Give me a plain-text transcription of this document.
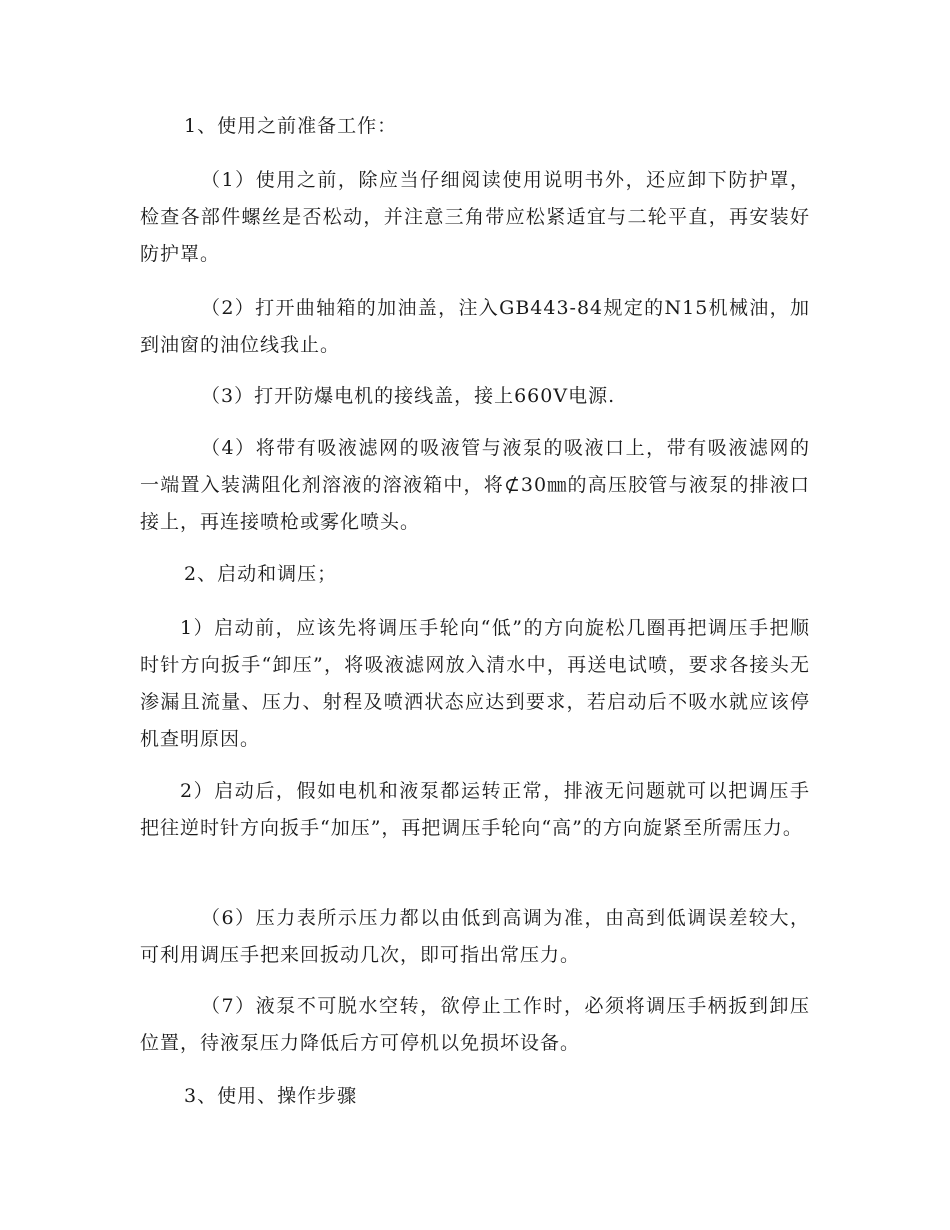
1、使用之前准备工作：

（1）使用之前，除应当仔细阅读使用说明书外，还应卸下防护罩，检查各部件螺丝是否松动，并注意三角带应松紧适宜与二轮平直，再安装好防护罩。

（2）打开曲轴箱的加油盖，注入GB443-84规定的N15机械油，加到油窗的油位线我止。

（3）打开防爆电机的接线盖，接上660V电源.

（4）将带有吸液滤网的吸液管与液泵的吸液口上，带有吸液滤网的一端置入装满阻化剂溶液的溶液箱中，将⊄30㎜的高压胶管与液泵的排液口接上，再连接喷枪或雾化喷头。

2、启动和调压；

1）启动前，应该先将调压手轮向“低”的方向旋松几圈再把调压手把顺时针方向扳手“卸压”，将吸液滤网放入清水中，再送电试喷，要求各接头无渗漏且流量、压力、射程及喷洒状态应达到要求，若启动后不吸水就应该停机查明原因。

2）启动后，假如电机和液泵都运转正常，排液无问题就可以把调压手把往逆时针方向扳手“加压”，再把调压手轮向“高”的方向旋紧至所需压力。

（6）压力表所示压力都以由低到高调为准，由高到低调误差较大，可利用调压手把来回扳动几次，即可指出常压力。

（7）液泵不可脱水空转，欲停止工作时，必须将调压手柄扳到卸压位置，待液泵压力降低后方可停机以免损坏设备。

3、使用、操作步骤
